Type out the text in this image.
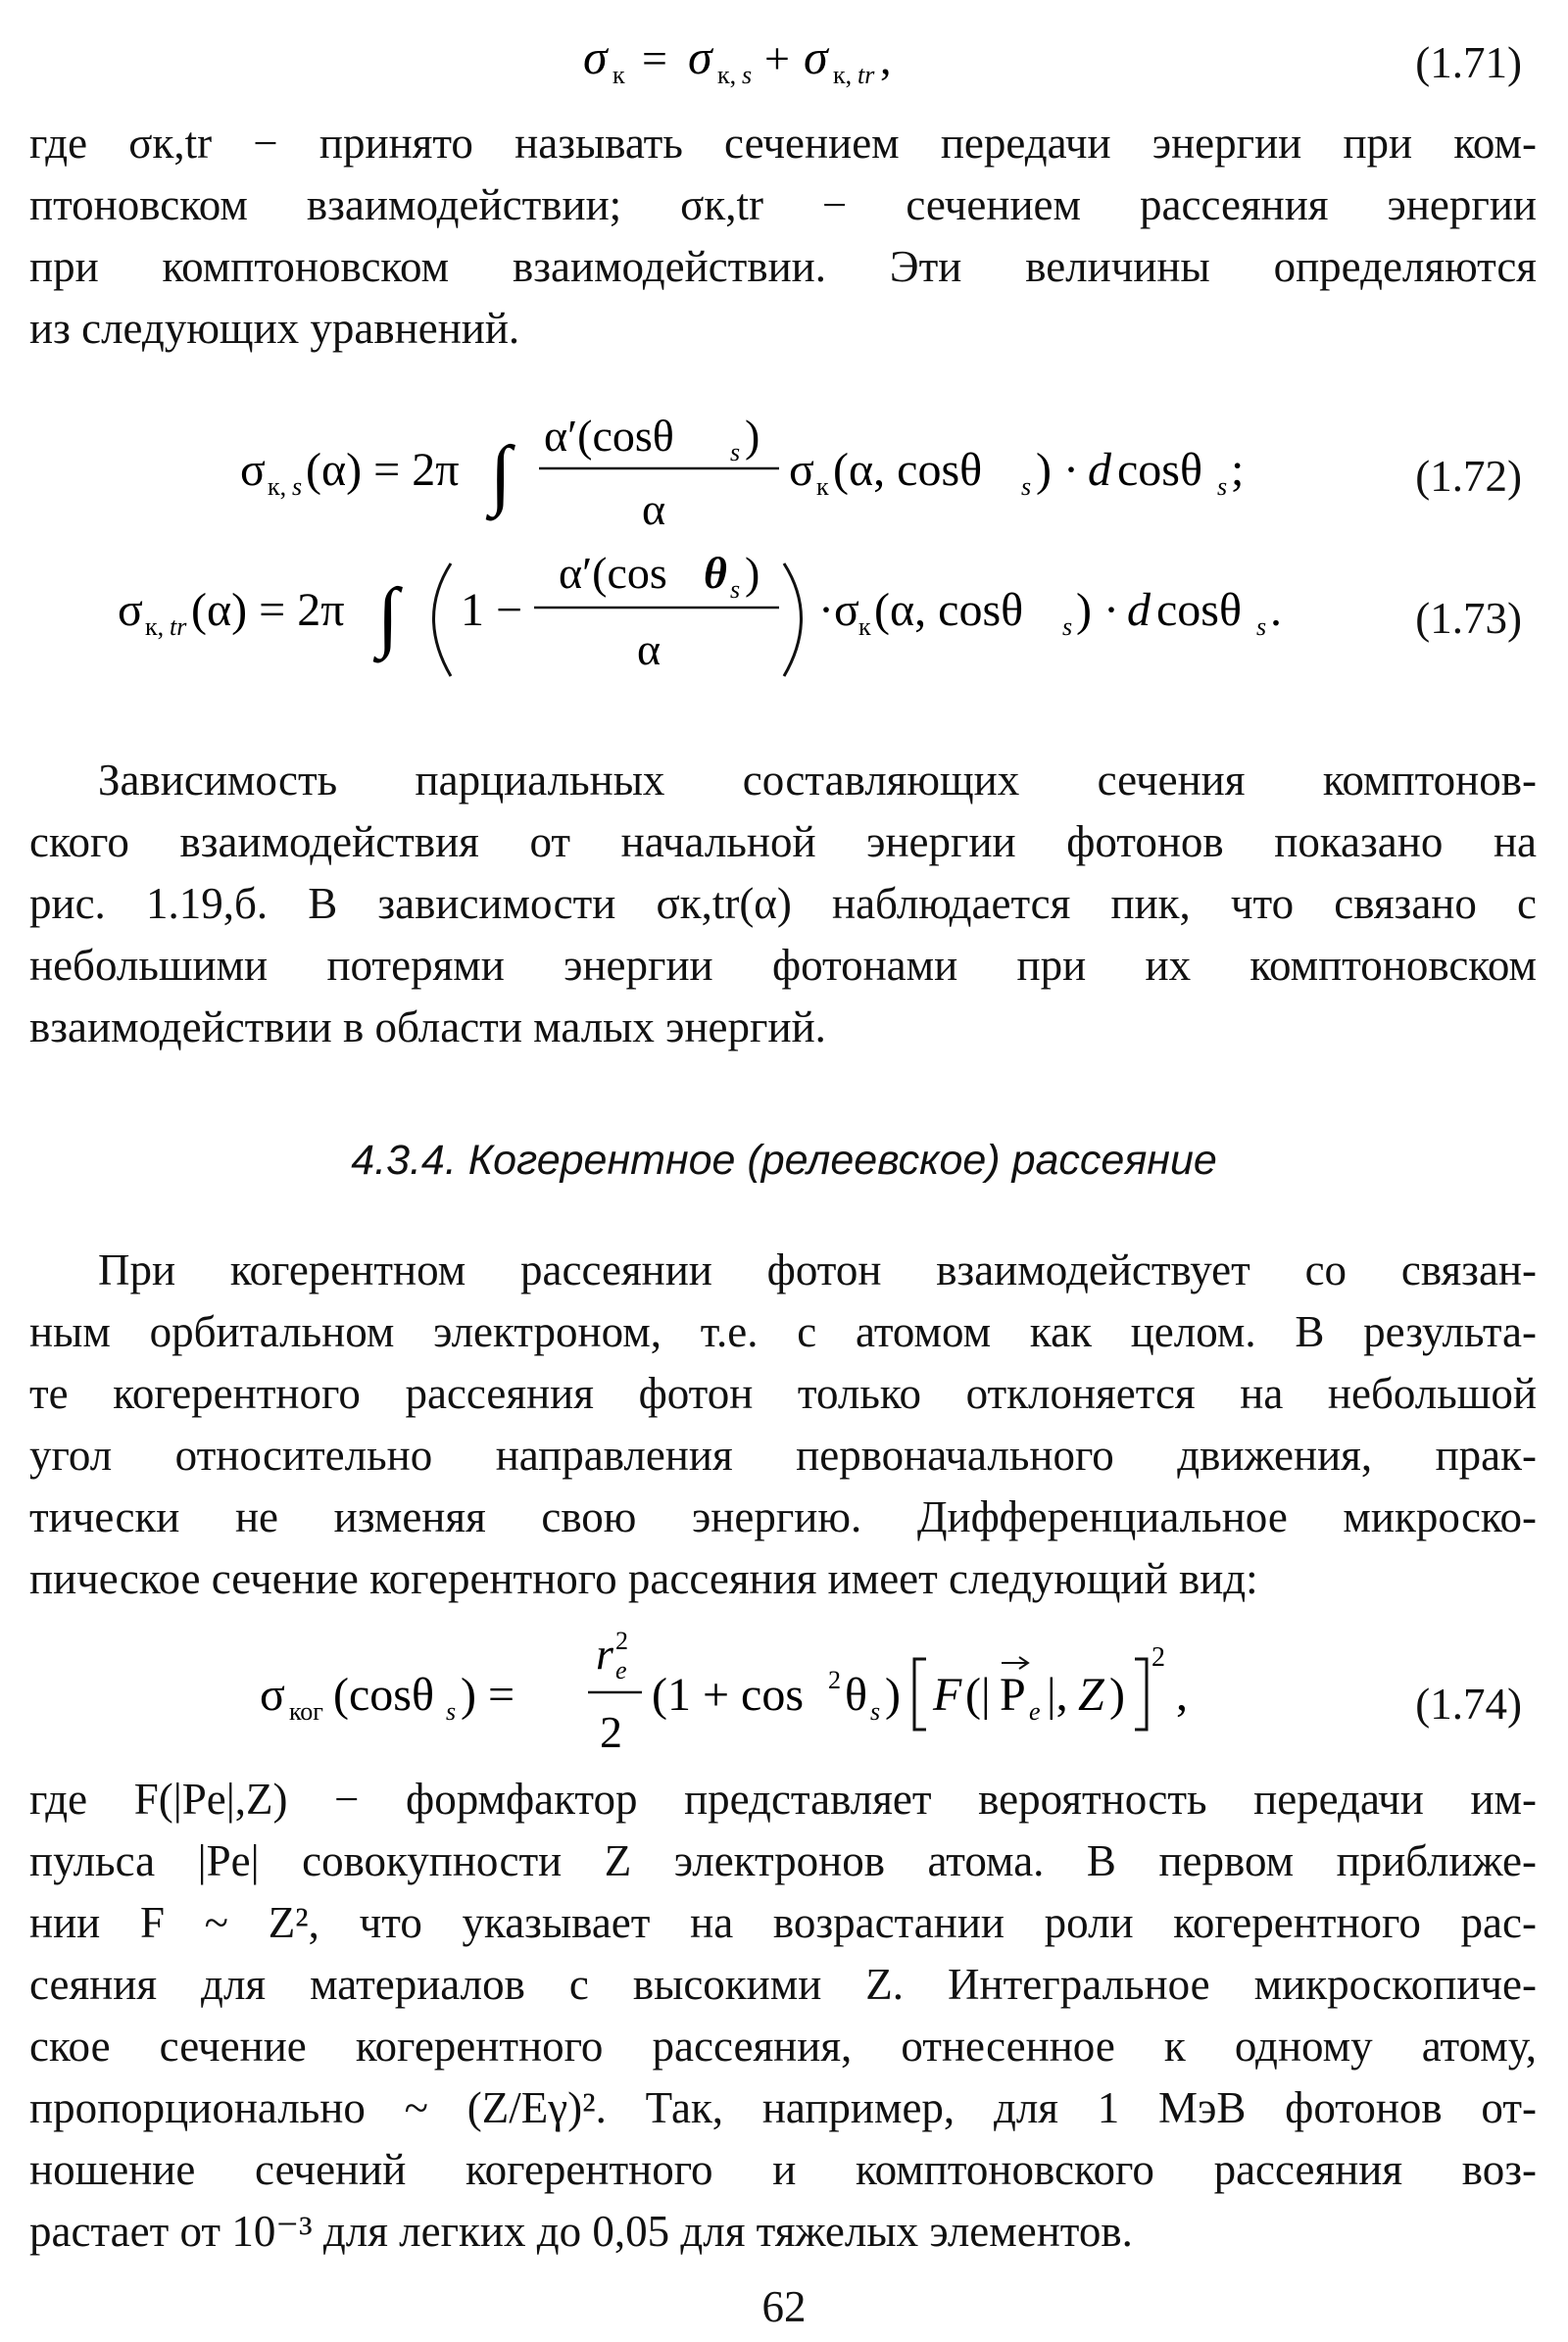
σ к = σ к, s + σ к, tr ,	(1.71)
где σк,tr − принято называть сечением передачи энергии при ком-
птоновском взаимодействии; σк,tr − сечением рассеяния энергии
при комптоновском взаимодействии. Эти величины определяются
из следующих уравнений.
σ к, s (α) = 2π ∫ α′(cosθ s )
α
σ к (α, cosθ s ) · d cosθ s ;	(1.72)
σ к, tr (α) = 2π ∫ 1 −
α′(cos θ s )
α
·σ к (α, cosθ s ) · d cosθ s .	(1.73)
Зависимость парциальных составляющих сечения комптонов-
ского взаимодействия от начальной энергии фотонов показано на
рис. 1.19,б. В зависимости σк,tr(α) наблюдается пик, что связано с
небольшими потерями энергии фотонами при их комптоновском
взаимодействии в области малых энергий.
4.3.4. Когерентное (релеевское) рассеяние
При когерентном рассеянии фотон взаимодействует со связан-
ным орбитальном электроном, т.е. с атомом как целом. В результа-
те когерентного рассеяния фотон только отклоняется на небольшой
угол относительно направления первоначального движения, прак-
тически не изменяя свою энергию. Дифференциальное микроско-
пическое сечение когерентного рассеяния имеет следующий вид:
σ ког (cosθ s ) =
r e
2
2
(1 + cos 2 θ s ) F (| P e |, Z )
2
,	(1.74)
где F(|Pe|,Z) − формфактор представляет вероятность передачи им-
пульса |Pe| совокупности Z электронов атома. В первом приближе-
нии F ~ Z², что указывает на возрастании роли когерентного рас-
сеяния для материалов с высокими Z. Интегральное микроскопиче-
ское сечение когерентного рассеяния, отнесенное к одному атому,
пропорционально ~ (Z/Eγ)². Так, например, для 1 МэВ фотонов от-
ношение сечений когерентного и комптоновского рассеяния воз-
растает от 10⁻³ для легких до 0,05 для тяжелых элементов.
62
